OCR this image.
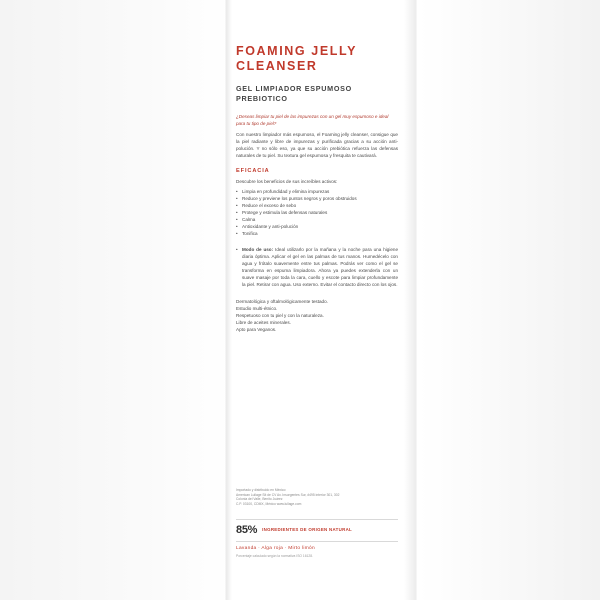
FOAMING JELLY CLEANSER
GEL LIMPIADOR ESPUMOSO PREBIOTICO

¿Deseas limpiar tu piel de las impurezas con un gel muy espumoso e ideal para tu tipo de piel?

Con nuestro limpiador más espumoso, el Foaming jelly cleanser, consigue que la piel radiante y libre de impurezas y purificada gracias a su acción anti-polución. Y no sólo eso, ya que su acción prebiótica refuerza las defensas naturales de tu piel. Su textura gel espumosa y fresquita te cautivará.

EFICACIA

Descubre los beneficios de sus increíbles activos:

• Limpia en profundidad y elimina impurezas
• Reduce y previene los puntos negros y poros obstruidos
• Reduce el exceso de sebo
• Protege y estimula las defensas naturales
• Calma
• Antioxidante y anti-polución
• Tonifica

• Modo de uso: Ideal utilizarlo por la mañana y la noche para una higiene diaria óptima. Aplicar el gel en las palmas de tus manos. Humedécelo con agua y frótalo suavemente entre tus palmas. Podrás ver como el gel se transforma en espuma limpiadora. Ahora ya puedes extenderla con un suave masaje por toda la cara, cuello y escote para limpiar profundamente la piel. Retirar con agua. Uso externo. Evitar el contacto directo con los ojos.

Dermatológica y oftalmológicamente testado.

Estudio multi-étnico.

Respetuoso con tu piel y con la naturaleza.

Libre de aceites minerales.

Apto para Veganos.

Importado y distribuido en México:

American Lullage Sit de CV Av. Insurgentes Sur, #495 interior 301, 302

Colonia del Valle, Benito Juárez

C.P. 03100, CDMX, México www.lullage.com

85% INGREDIENTES DE ORIGEN NATURAL
Lavanda · Alga roja · Mirto limón
Porcentaje calculado según la normativa ISO 16128.
